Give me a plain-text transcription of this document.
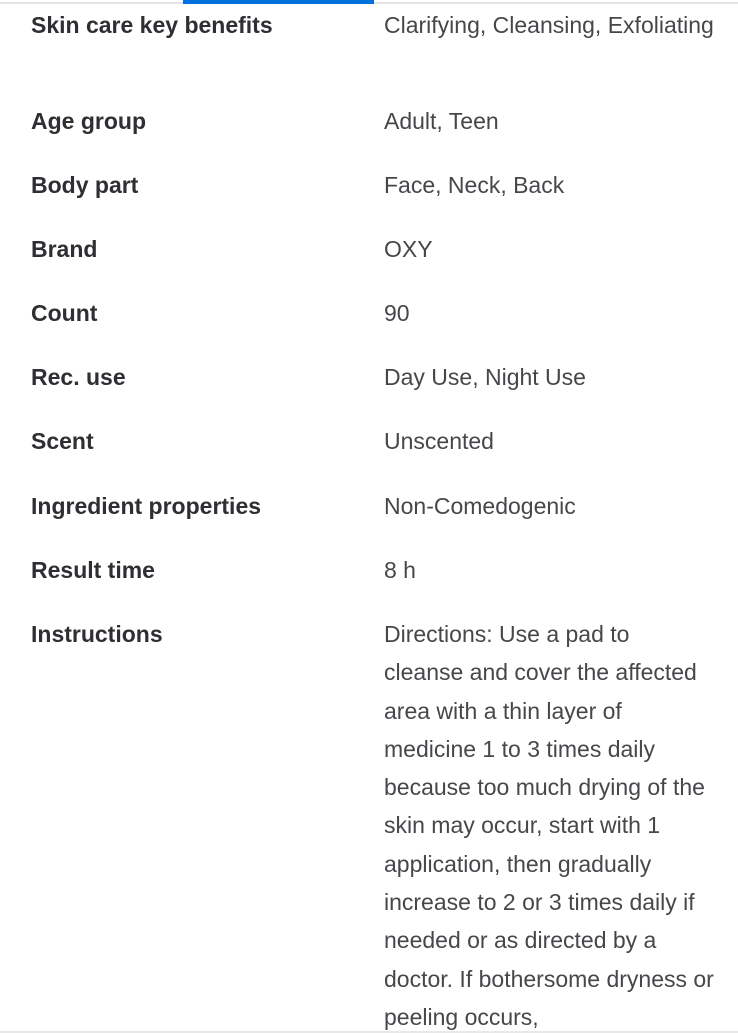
Skin care key benefits	Clarifying, Cleansing, Exfoliating

Age group	Adult, Teen

Body part	Face, Neck, Back

Brand	OXY

Count	90

Rec. use	Day Use, Night Use

Scent	Unscented

Ingredient properties	Non-Comedogenic

Result time	8 h

Instructions	Directions: Use a pad to cleanse and cover the affected area with a thin layer of medicine 1 to 3 times daily because too much drying of the skin may occur, start with 1 application, then gradually increase to 2 or 3 times daily if needed or as directed by a doctor. If bothersome dryness or peeling occurs,
